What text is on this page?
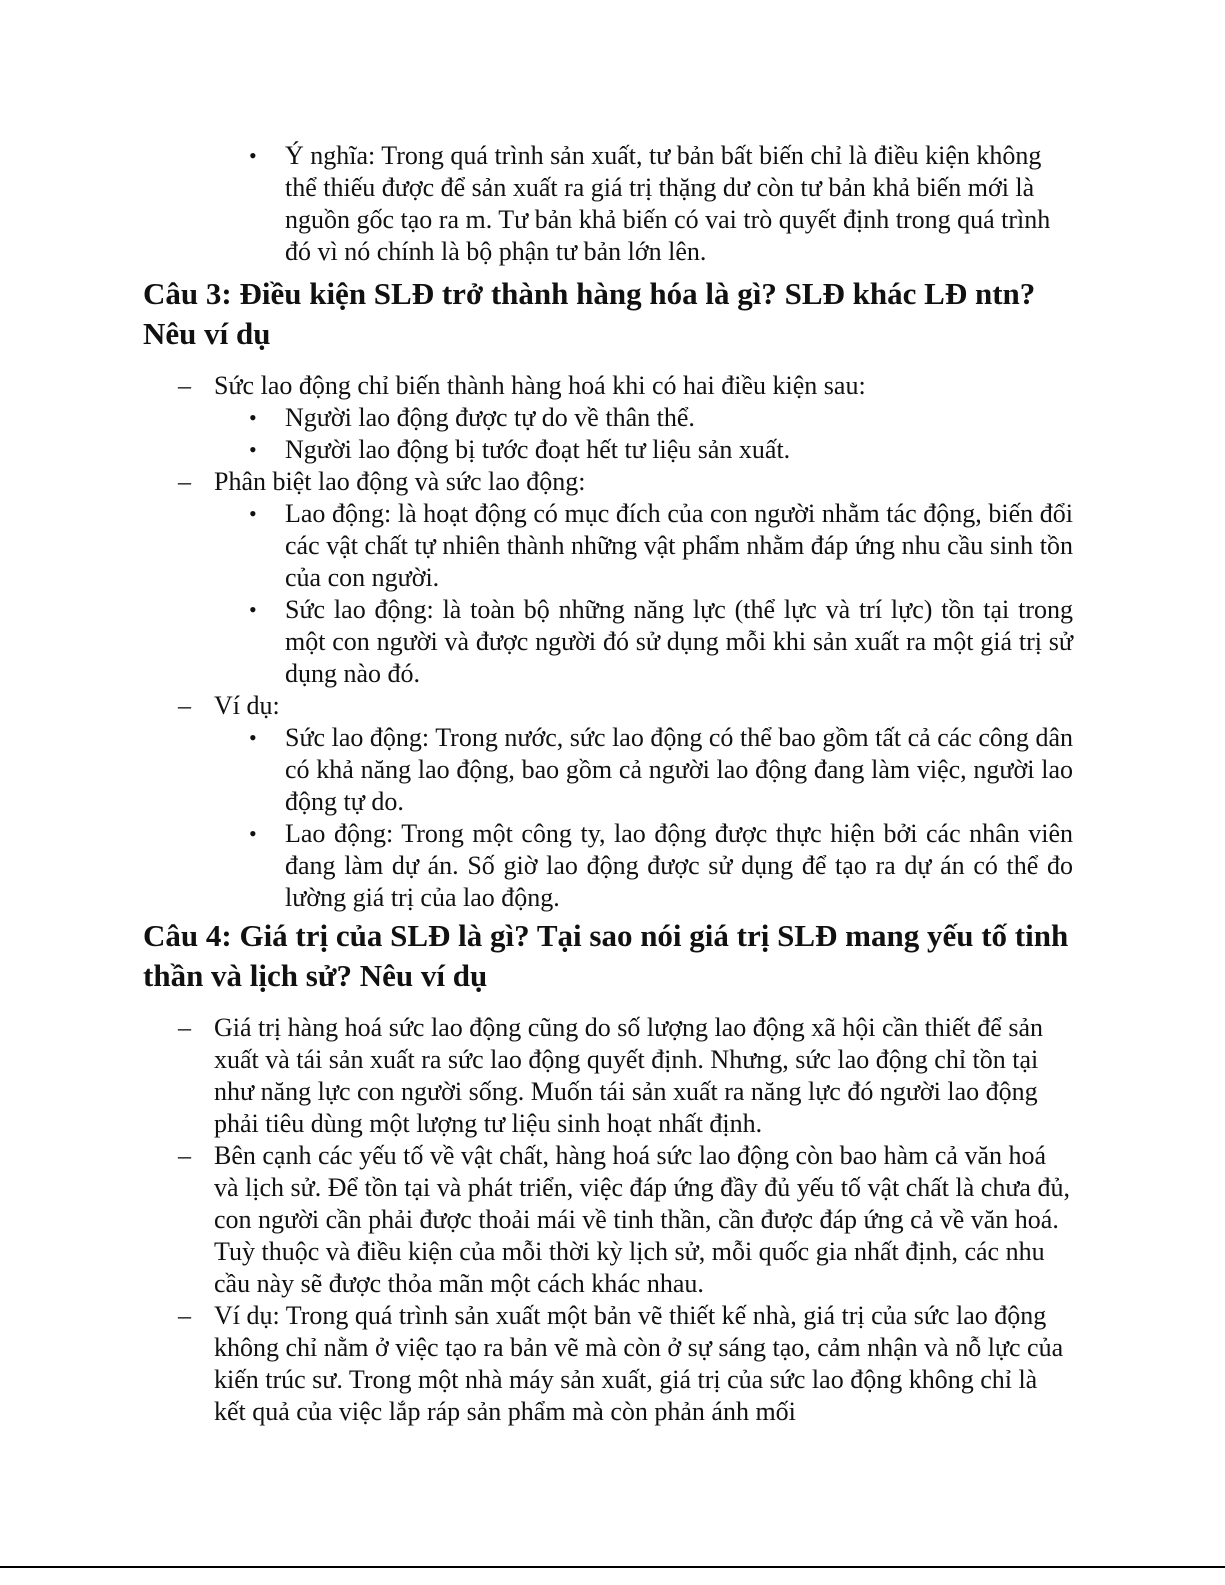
• Ý nghĩa: Trong quá trình sản xuất, tư bản bất biến chỉ là điều kiện không thể thiếu được để sản xuất ra giá trị thặng dư còn tư bản khả biến mới là nguồn gốc tạo ra m. Tư bản khả biến có vai trò quyết định trong quá trình đó vì nó chính là bộ phận tư bản lớn lên.
Câu 3: Điều kiện SLĐ trở thành hàng hóa là gì? SLĐ khác LĐ ntn? Nêu ví dụ
– Sức lao động chỉ biến thành hàng hoá khi có hai điều kiện sau:
• Người lao động được tự do về thân thể.
• Người lao động bị tước đoạt hết tư liệu sản xuất.
– Phân biệt lao động và sức lao động:
• Lao động: là hoạt động có mục đích của con người nhằm tác động, biến đổi các vật chất tự nhiên thành những vật phẩm nhằm đáp ứng nhu cầu sinh tồn của con người.
• Sức lao động: là toàn bộ những năng lực (thể lực và trí lực) tồn tại trong một con người và được người đó sử dụng mỗi khi sản xuất ra một giá trị sử dụng nào đó.
– Ví dụ:
• Sức lao động: Trong nước, sức lao động có thể bao gồm tất cả các công dân có khả năng lao động, bao gồm cả người lao động đang làm việc, người lao động tự do.
• Lao động: Trong một công ty, lao động được thực hiện bởi các nhân viên đang làm dự án. Số giờ lao động được sử dụng để tạo ra dự án có thể đo lường giá trị của lao động.
Câu 4: Giá trị của SLĐ là gì? Tại sao nói giá trị SLĐ mang yếu tố tinh thần và lịch sử? Nêu ví dụ
– Giá trị hàng hoá sức lao động cũng do số lượng lao động xã hội cần thiết để sản xuất và tái sản xuất ra sức lao động quyết định. Nhưng, sức lao động chỉ tồn tại như năng lực con người sống. Muốn tái sản xuất ra năng lực đó người lao động phải tiêu dùng một lượng tư liệu sinh hoạt nhất định.
– Bên cạnh các yếu tố về vật chất, hàng hoá sức lao động còn bao hàm cả văn hoá và lịch sử. Để tồn tại và phát triển, việc đáp ứng đầy đủ yếu tố vật chất là chưa đủ, con người cần phải được thoải mái về tinh thần, cần được đáp ứng cả về văn hoá. Tuỳ thuộc và điều kiện của mỗi thời kỳ lịch sử, mỗi quốc gia nhất định, các nhu cầu này sẽ được thỏa mãn một cách khác nhau.
– Ví dụ: Trong quá trình sản xuất một bản vẽ thiết kế nhà, giá trị của sức lao động không chỉ nằm ở việc tạo ra bản vẽ mà còn ở sự sáng tạo, cảm nhận và nỗ lực của kiến trúc sư. Trong một nhà máy sản xuất, giá trị của sức lao động không chỉ là kết quả của việc lắp ráp sản phẩm mà còn phản ánh mối
